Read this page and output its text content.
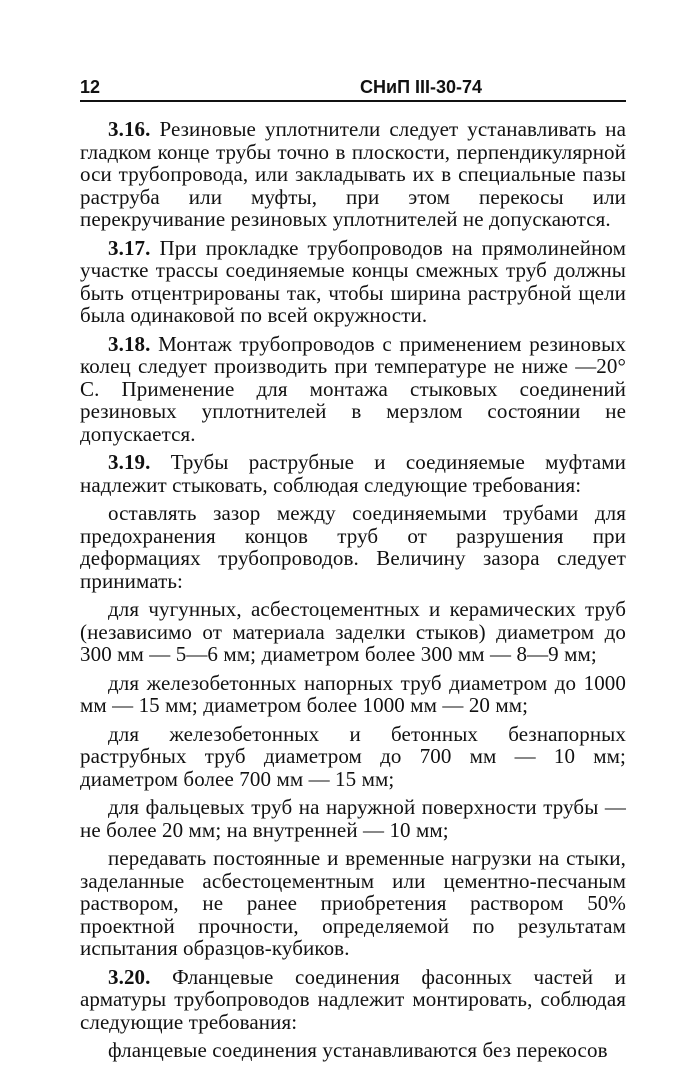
12	СНиП III-30-74

3.16. Резиновые уплотнители следует устанавливать на гладком конце трубы точно в плоскости, перпендикулярной оси трубопровода, или закладывать их в специальные пазы раструба или муфты, при этом перекосы или перекручивание резиновых уплотнителей не допускаются.

3.17. При прокладке трубопроводов на прямолинейном участке трассы соединяемые концы смежных труб должны быть отцентрированы так, чтобы ширина раструбной щели была одинаковой по всей окружности.

3.18. Монтаж трубопроводов с применением резиновых колец следует производить при температуре не ниже —20° С. Применение для монтажа стыковых соединений резиновых уплотнителей в мерзлом состоянии не допускается.

3.19. Трубы раструбные и соединяемые муфтами надлежит стыковать, соблюдая следующие требования:

оставлять зазор между соединяемыми трубами для предохранения концов труб от разрушения при деформациях трубопроводов. Величину зазора следует принимать:

для чугунных, асбестоцементных и керамических труб (независимо от материала заделки стыков) диаметром до 300 мм — 5—6 мм; диаметром более 300 мм — 8—9 мм;

для железобетонных напорных труб диаметром до 1000 мм — 15 мм; диаметром более 1000 мм — 20 мм;

для железобетонных и бетонных безнапорных раструбных труб диаметром до 700 мм — 10 мм; диаметром более 700 мм — 15 мм;

для фальцевых труб на наружной поверхности трубы — не более 20 мм; на внутренней — 10 мм;

передавать постоянные и временные нагрузки на стыки, заделанные асбестоцементным или цементно-песчаным раствором, не ранее приобретения раствором 50% проектной прочности, определяемой по результатам испытания образцов-кубиков.

3.20. Фланцевые соединения фасонных частей и арматуры трубопроводов надлежит монтировать, соблюдая следующие требования:

фланцевые соединения устанавливаются без перекосов
